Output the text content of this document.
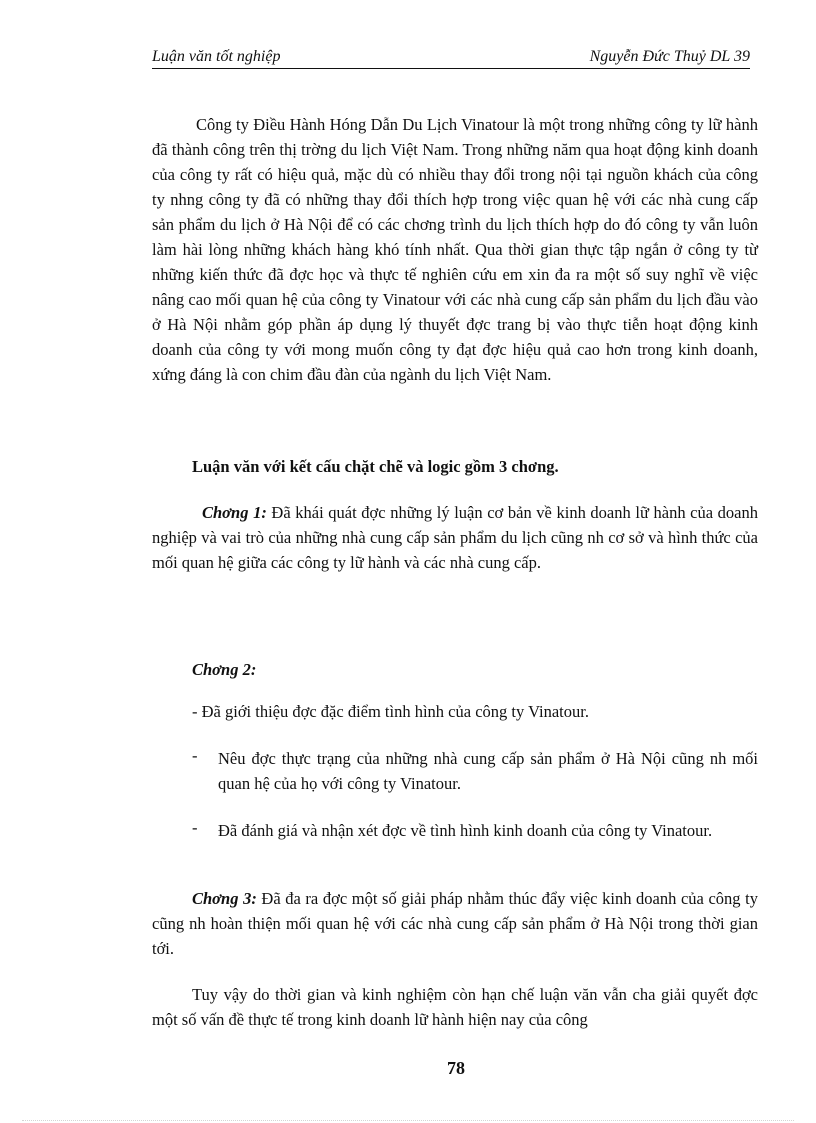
Luận văn tốt nghiệp	Nguyễn Đức Thuỷ DL 39

Công ty Điều Hành Hóng Dẫn Du Lịch Vinatour là một trong những công ty lữ hành đã thành công trên thị trờng du lịch Việt Nam. Trong những năm qua hoạt động kinh doanh của công ty rất có hiệu quả, mặc dù có nhiều thay đổi trong nội tại nguồn khách của công ty nhng công ty đã có những thay đổi thích hợp trong việc quan hệ với các nhà cung cấp sản phẩm du lịch ở Hà Nội để có các chơng trình du lịch thích hợp do đó công ty vẫn luôn làm hài lòng những khách hàng khó tính nhất. Qua thời gian thực tập ngắn ở công ty từ những kiến thức đã đợc học và thực tế nghiên cứu em xin đa ra một số suy nghĩ về việc nâng cao mối quan hệ của công ty Vinatour với các nhà cung cấp sản phẩm du lịch đầu vào ở Hà Nội nhằm góp phần áp dụng lý thuyết đợc trang bị vào thực tiễn hoạt động kinh doanh của công ty với mong muốn công ty đạt đợc hiệu quả cao hơn trong kinh doanh, xứng đáng là con chim đầu đàn của ngành du lịch Việt Nam.

Luận văn với kết cấu chặt chẽ và logic gồm 3 chơng.

Chơng 1: Đã khái quát đợc những lý luận cơ bản về kinh doanh lữ hành của doanh nghiệp và vai trò của những nhà cung cấp sản phẩm du lịch cũng nh cơ sở và hình thức của mối quan hệ giữa các công ty lữ hành và các nhà cung cấp.

Chơng 2:
- Đã giới thiệu đợc đặc điểm tình hình của công ty Vinatour.
- Nêu đợc thực trạng của những nhà cung cấp sản phẩm ở Hà Nội cũng nh mối quan hệ của họ với công ty Vinatour.
- Đã đánh giá và nhận xét đợc về tình hình kinh doanh của công ty Vinatour.

Chơng 3: Đã đa ra đợc một số giải pháp nhằm thúc đẩy việc kinh doanh của công ty cũng nh hoàn thiện mối quan hệ với các nhà cung cấp sản phẩm ở Hà Nội trong thời gian tới.

Tuy vậy do thời gian và kinh nghiệm còn hạn chế luận văn vẫn cha giải quyết đợc một số vấn đề thực tế trong kinh doanh lữ hành hiện nay của công

78
